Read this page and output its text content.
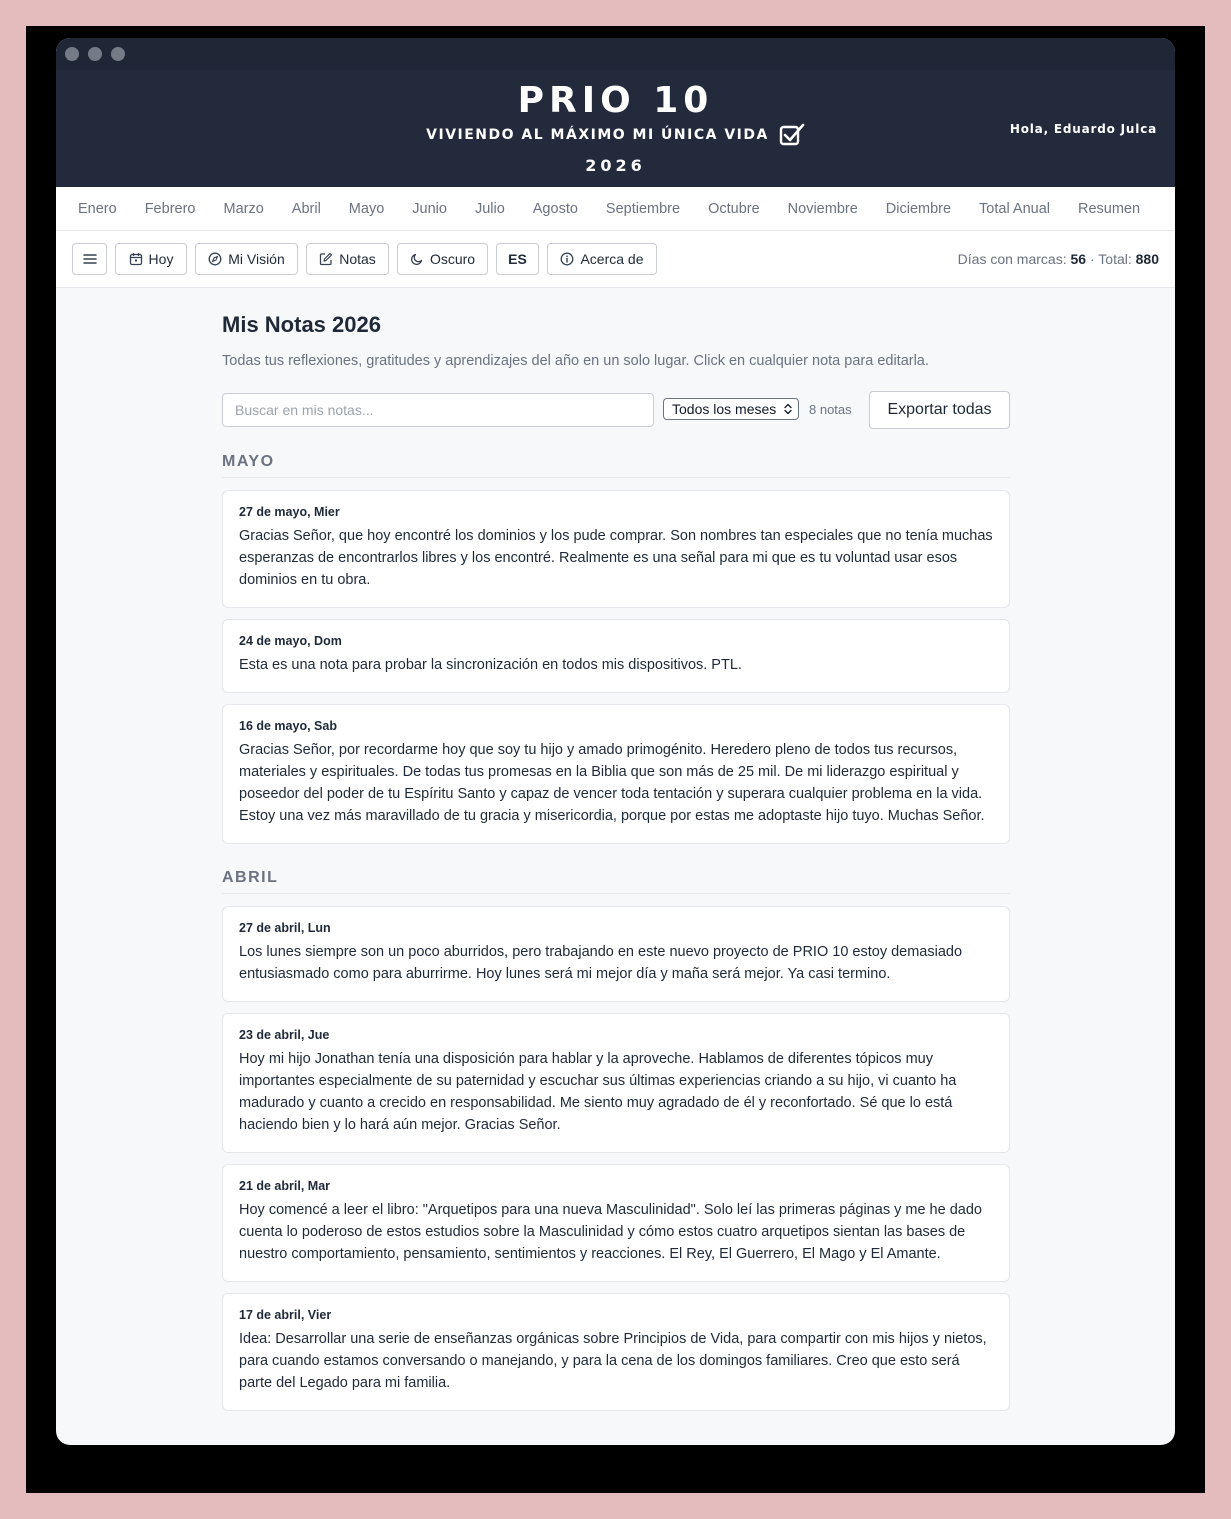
PRIO 10
VIVIENDO AL MÁXIMO MI ÚNICA VIDA
2026
Hola, Eduardo Julca
Enero Febrero Marzo Abril Mayo Junio Julio Agosto Septiembre Octubre Noviembre Diciembre Total Anual Resumen
Hoy	Mi Visión	Notas	Oscuro	ES	Acerca de	Días con marcas: 56 · Total: 880
Mis Notas 2026
Todas tus reflexiones, gratitudes y aprendizajes del año en un solo lugar. Click en cualquier nota para editarla.
Buscar en mis notas...
Todos los meses	8 notas	Exportar todas
MAYO
27 de mayo, Mier
Gracias Señor, que hoy encontré los dominios y los pude comprar. Son nombres tan especiales que no tenía muchas esperanzas de encontrarlos libres y los encontré. Realmente es una señal para mi que es tu voluntad usar esos dominios en tu obra.
24 de mayo, Dom
Esta es una nota para probar la sincronización en todos mis dispositivos. PTL.
16 de mayo, Sab
Gracias Señor, por recordarme hoy que soy tu hijo y amado primogénito. Heredero pleno de todos tus recursos, materiales y espirituales. De todas tus promesas en la Biblia que son más de 25 mil. De mi liderazgo espiritual y poseedor del poder de tu Espíritu Santo y capaz de vencer toda tentación y superara cualquier problema en la vida. Estoy una vez más maravillado de tu gracia y misericordia, porque por estas me adoptaste hijo tuyo. Muchas Señor.
ABRIL
27 de abril, Lun
Los lunes siempre son un poco aburridos, pero trabajando en este nuevo proyecto de PRIO 10 estoy demasiado entusiasmado como para aburrirme. Hoy lunes será mi mejor día y maña será mejor. Ya casi termino.
23 de abril, Jue
Hoy mi hijo Jonathan tenía una disposición para hablar y la aproveche. Hablamos de diferentes tópicos muy importantes especialmente de su paternidad y escuchar sus últimas experiencias criando a su hijo, vi cuanto ha madurado y cuanto a crecido en responsabilidad. Me siento muy agradado de él y reconfortado. Sé que lo está haciendo bien y lo hará aún mejor. Gracias Señor.
21 de abril, Mar
Hoy comencé a leer el libro: "Arquetipos para una nueva Masculinidad". Solo leí las primeras páginas y me he dado cuenta lo poderoso de estos estudios sobre la Masculinidad y cómo estos cuatro arquetipos sientan las bases de nuestro comportamiento, pensamiento, sentimientos y reacciones. El Rey, El Guerrero, El Mago y El Amante.
17 de abril, Vier
Idea: Desarrollar una serie de enseñanzas orgánicas sobre Principios de Vida, para compartir con mis hijos y nietos, para cuando estamos conversando o manejando, y para la cena de los domingos familiares. Creo que esto será parte del Legado para mi familia.
